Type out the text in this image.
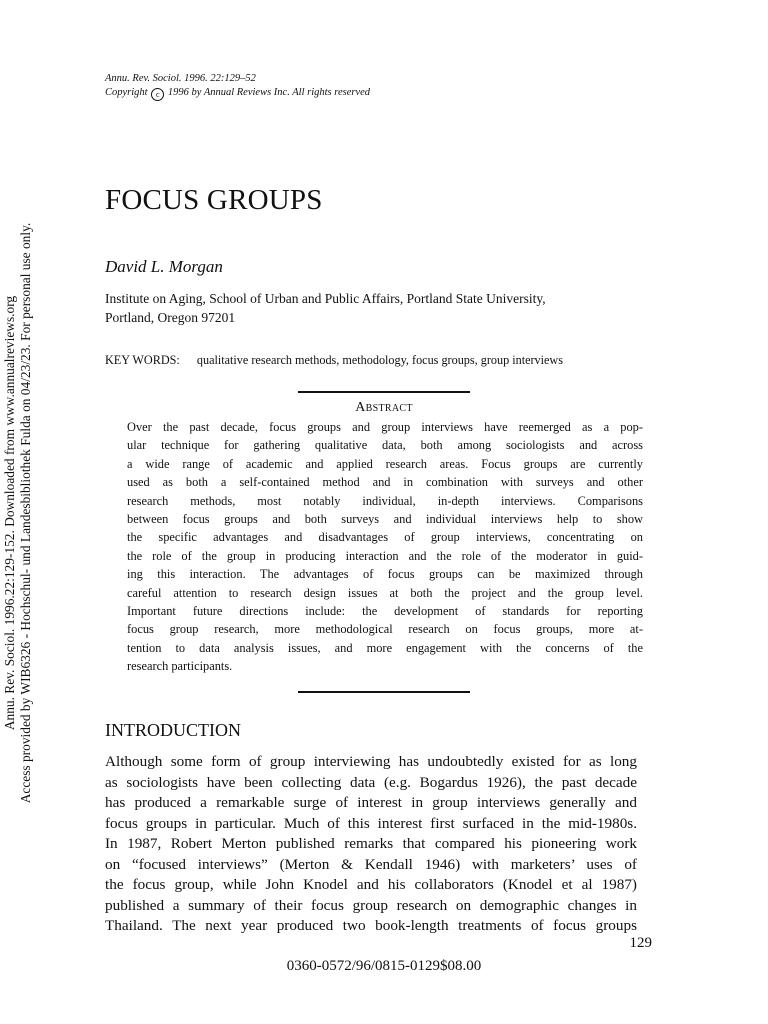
Annu. Rev. Sociol. 1996. 22:129–52
Copyright c 1996 by Annual Reviews Inc. All rights reserved
FOCUS GROUPS
David L. Morgan
Institute on Aging, School of Urban and Public Affairs, Portland State University,
Portland, Oregon 97201
KEY WORDS: qualitative research methods, methodology, focus groups, group interviews
Abstract
Over the past decade, focus groups and group interviews have reemerged as a pop-
ular technique for gathering qualitative data, both among sociologists and across
a wide range of academic and applied research areas. Focus groups are currently
used as both a self-contained method and in combination with surveys and other
research methods, most notably individual, in-depth interviews. Comparisons
between focus groups and both surveys and individual interviews help to show
the specific advantages and disadvantages of group interviews, concentrating on
the role of the group in producing interaction and the role of the moderator in guid-
ing this interaction. The advantages of focus groups can be maximized through
careful attention to research design issues at both the project and the group level.
Important future directions include: the development of standards for reporting
focus group research, more methodological research on focus groups, more at-
tention to data analysis issues, and more engagement with the concerns of the
research participants.
INTRODUCTION
Although some form of group interviewing has undoubtedly existed for as long
as sociologists have been collecting data (e.g. Bogardus 1926), the past decade
has produced a remarkable surge of interest in group interviews generally and
focus groups in particular. Much of this interest first surfaced in the mid-1980s.
In 1987, Robert Merton published remarks that compared his pioneering work
on “focused interviews” (Merton & Kendall 1946) with marketers’ uses of
the focus group, while John Knodel and his collaborators (Knodel et al 1987)
published a summary of their focus group research on demographic changes in
Thailand. The next year produced two book-length treatments of focus groups
129
0360-0572/96/0815-0129$08.00
Annu. Rev. Sociol. 1996.22:129-152. Downloaded from www.annualreviews.org Access provided by WIB6326 - Hochschul- und Landesbibliothek Fulda on 04/23/23. For personal use only.
